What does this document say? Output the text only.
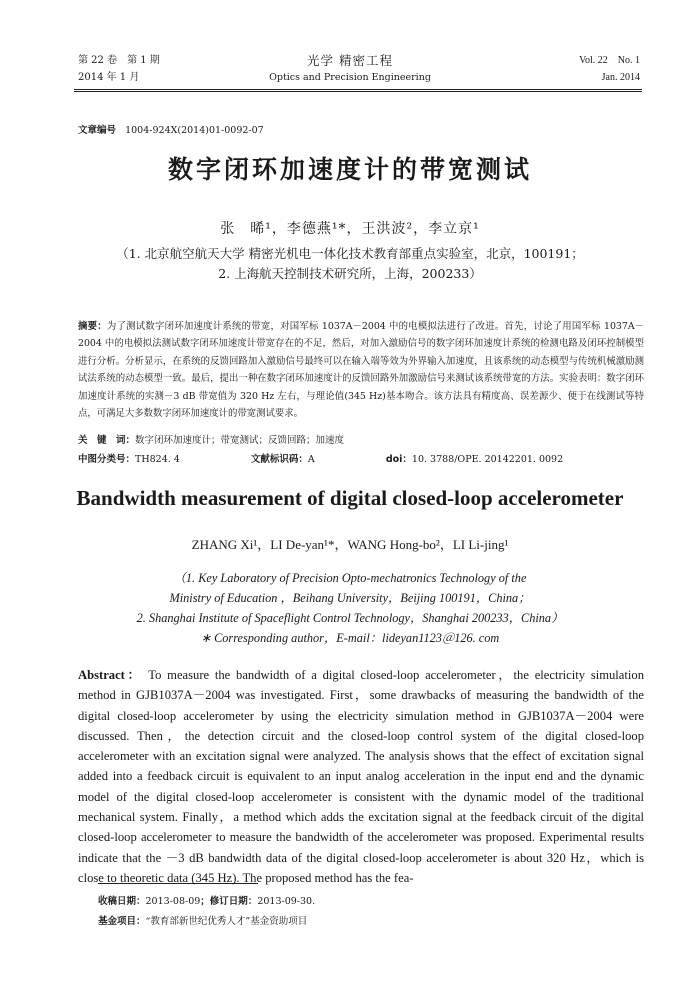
第 22 卷　第 1 期
2014 年 1 月
光学 精密工程
Optics and Precision Engineering
Vol. 22　No. 1
Jan. 2014
文章编号 1004-924X(2014)01-0092-07
数字闭环加速度计的带宽测试
张　晞¹，李德燕¹*，王洪波²，李立京¹
（1. 北京航空航天大学 精密光机电一体化技术教育部重点实验室，北京，100191；
2. 上海航天控制技术研究所，上海，200233）
摘要：为了测试数字闭环加速度计系统的带宽，对国军标 1037A－2004 中的电模拟法进行了改进。首先，讨论了用国军标 1037A－2004 中的电模拟法测试数字闭环加速度计带宽存在的不足，然后，对加入激励信号的数字闭环加速度计系统的检测电路及闭环控制模型进行分析。分析显示，在系统的反馈回路加入激励信号最终可以在输入端等效为外界输入加速度，且该系统的动态模型与传统机械激励测试法系统的动态模型一致。最后，提出一种在数字闭环加速度计的反馈回路外加激励信号来测试该系统带宽的方法。实验表明：数字闭环加速度计系统的实测－3 dB 带宽值为 320 Hz 左右，与理论值(345 Hz)基本吻合。该方法具有精度高、误差源少、便于在线测试等特点，可满足大多数数字闭环加速度计的带宽测试要求。
关　键　词：数字闭环加速度计；带宽测试；反馈回路；加速度
中图分类号：TH824. 4	文献标识码：A	doi：10. 3788/OPE. 20142201. 0092
Bandwidth measurement of digital closed-loop accelerometer
ZHANG Xi¹，LI De-yan¹*，WANG Hong-bo²，LI Li-jing¹
（1. Key Laboratory of Precision Opto-mechatronics Technology of the
Ministry of Education ，Beihang University，Beijing 100191，China；
2. Shanghai Institute of Spaceflight Control Technology，Shanghai 200233，China）
∗ Corresponding author，E-mail：lideyan1123＠126. com
Abstract： To measure the bandwidth of a digital closed-loop accelerometer，the electricity simulation method in GJB1037A－2004 was investigated. First，some drawbacks of measuring the bandwidth of the digital closed-loop accelerometer by using the electricity simulation method in GJB1037A－2004 were discussed. Then，the detection circuit and the closed-loop control system of the digital closed-loop accelerometer with an excitation signal were analyzed. The analysis shows that the effect of excitation signal added into a feedback circuit is equivalent to an input analog acceleration in the input end and the dynamic model of the digital closed-loop accelerometer is consistent with the dynamic model of the traditional mechanical system. Finally，a method which adds the excitation signal at the feedback circuit of the digital closed-loop accelerometer to measure the bandwidth of the accelerometer was proposed. Experimental results indicate that the －3 dB bandwidth data of the digital closed-loop accelerometer is about 320 Hz，which is close to theoretic data (345 Hz). The proposed method has the fea-
收稿日期：2013-08-09；修订日期：2013-09-30.
基金项目：“教育部新世纪优秀人才”基金资助项目
